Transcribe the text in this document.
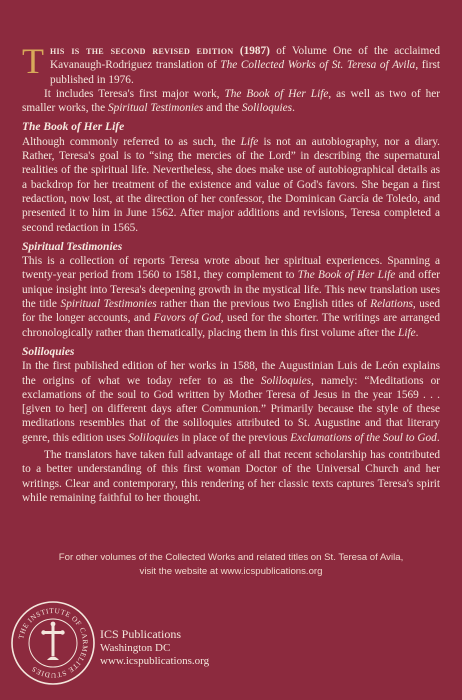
This is the second revised edition (1987) of Volume One of the acclaimed Kavanaugh-Rodriguez translation of The Collected Works of St. Teresa of Avila, first published in 1976.

It includes Teresa's first major work, The Book of Her Life, as well as two of her smaller works, the Spiritual Testimonies and the Soliloquies.

The Book of Her Life

Although commonly referred to as such, the Life is not an autobiography, nor a diary. Rather, Teresa's goal is to “sing the mercies of the Lord” in describing the supernatural realities of the spiritual life. Nevertheless, she does make use of autobiographical details as a backdrop for her treatment of the existence and value of God's favors. She began a first redaction, now lost, at the direction of her confessor, the Dominican García de Toledo, and presented it to him in June 1562. After major additions and revisions, Teresa completed a second redaction in 1565.

Spiritual Testimonies

This is a collection of reports Teresa wrote about her spiritual experiences. Spanning a twenty-year period from 1560 to 1581, they complement to The Book of Her Life and offer unique insight into Teresa's deepening growth in the mystical life. This new translation uses the title Spiritual Testimonies rather than the previous two English titles of Relations, used for the longer accounts, and Favors of God, used for the shorter. The writings are arranged chronologically rather than thematically, placing them in this first volume after the Life.

Soliloquies

In the first published edition of her works in 1588, the Augustinian Luis de León explains the origins of what we today refer to as the Soliloquies, namely: “Meditations or exclamations of the soul to God written by Mother Teresa of Jesus in the year 1569 . . . [given to her] on different days after Communion.” Primarily because the style of these meditations resembles that of the soliloquies attributed to St. Augustine and that literary genre, this edition uses Soliloquies in place of the previous Exclamations of the Soul to God.

The translators have taken full advantage of all that recent scholarship has contributed to a better understanding of this first woman Doctor of the Universal Church and her writings. Clear and contemporary, this rendering of her classic texts captures Teresa's spirit while remaining faithful to her thought.

For other volumes of the Collected Works and related titles on St. Teresa of Avila,
visit the website at www.icspublications.org
THE INSTITUTE OF CARMELITE STUDIES
ICS Publications
Washington DC
www.icspublications.org
